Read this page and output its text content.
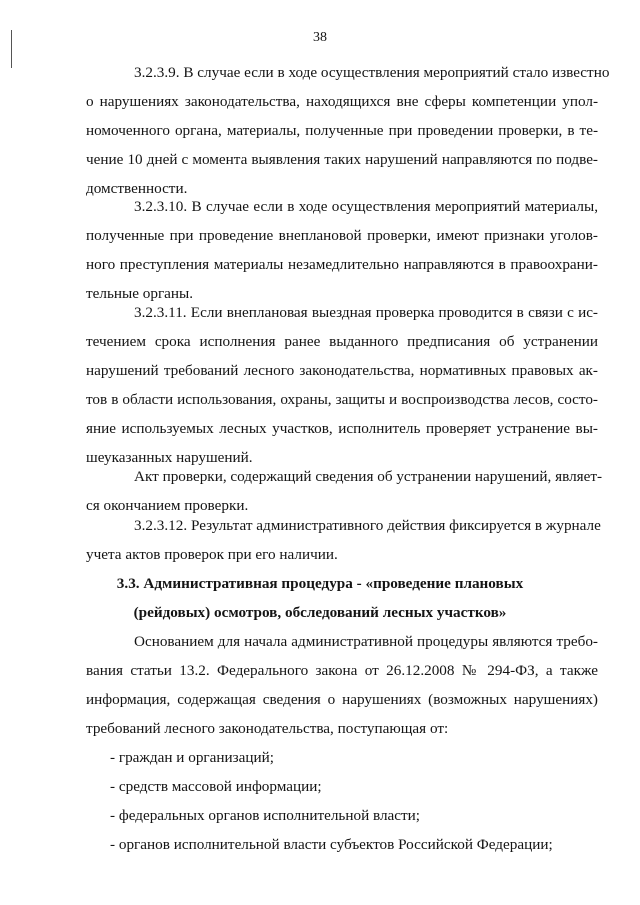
38
3.2.3.9. В случае если в ходе осуществления мероприятий стало известно
о нарушениях законодательства, находящихся вне сферы компетенции упол-
номоченного органа, материалы, полученные при проведении проверки, в те-
чение 10 дней с момента выявления таких нарушений направляются по подве-
домственности.
3.2.3.10. В случае если в ходе осуществления мероприятий материалы,
полученные при проведение внеплановой проверки, имеют признаки уголов-
ного преступления материалы незамедлительно направляются в правоохрани-
тельные органы.
3.2.3.11. Если внеплановая выездная проверка проводится в связи с ис-
течением срока исполнения ранее выданного предписания об устранении
нарушений требований лесного законодательства, нормативных правовых ак-
тов в области использования, охраны, защиты и воспроизводства лесов, состо-
яние используемых лесных участков, исполнитель проверяет устранение вы-
шеуказанных нарушений.
Акт проверки, содержащий сведения об устранении нарушений, являет-
ся окончанием проверки.
3.2.3.12. Результат административного действия фиксируется в журнале
учета актов проверок при его наличии.
3.3. Административная процедура - «проведение плановых
(рейдовых) осмотров, обследований лесных участков»
Основанием для начала административной процедуры являются требо-
вания статьи 13.2. Федерального закона от 26.12.2008 № 294-ФЗ, а также
информация, содержащая сведения о нарушениях (возможных нарушениях)
требований лесного законодательства, поступающая от:
- граждан и организаций;
- средств массовой информации;
- федеральных органов исполнительной власти;
- органов исполнительной власти субъектов Российской Федерации;
